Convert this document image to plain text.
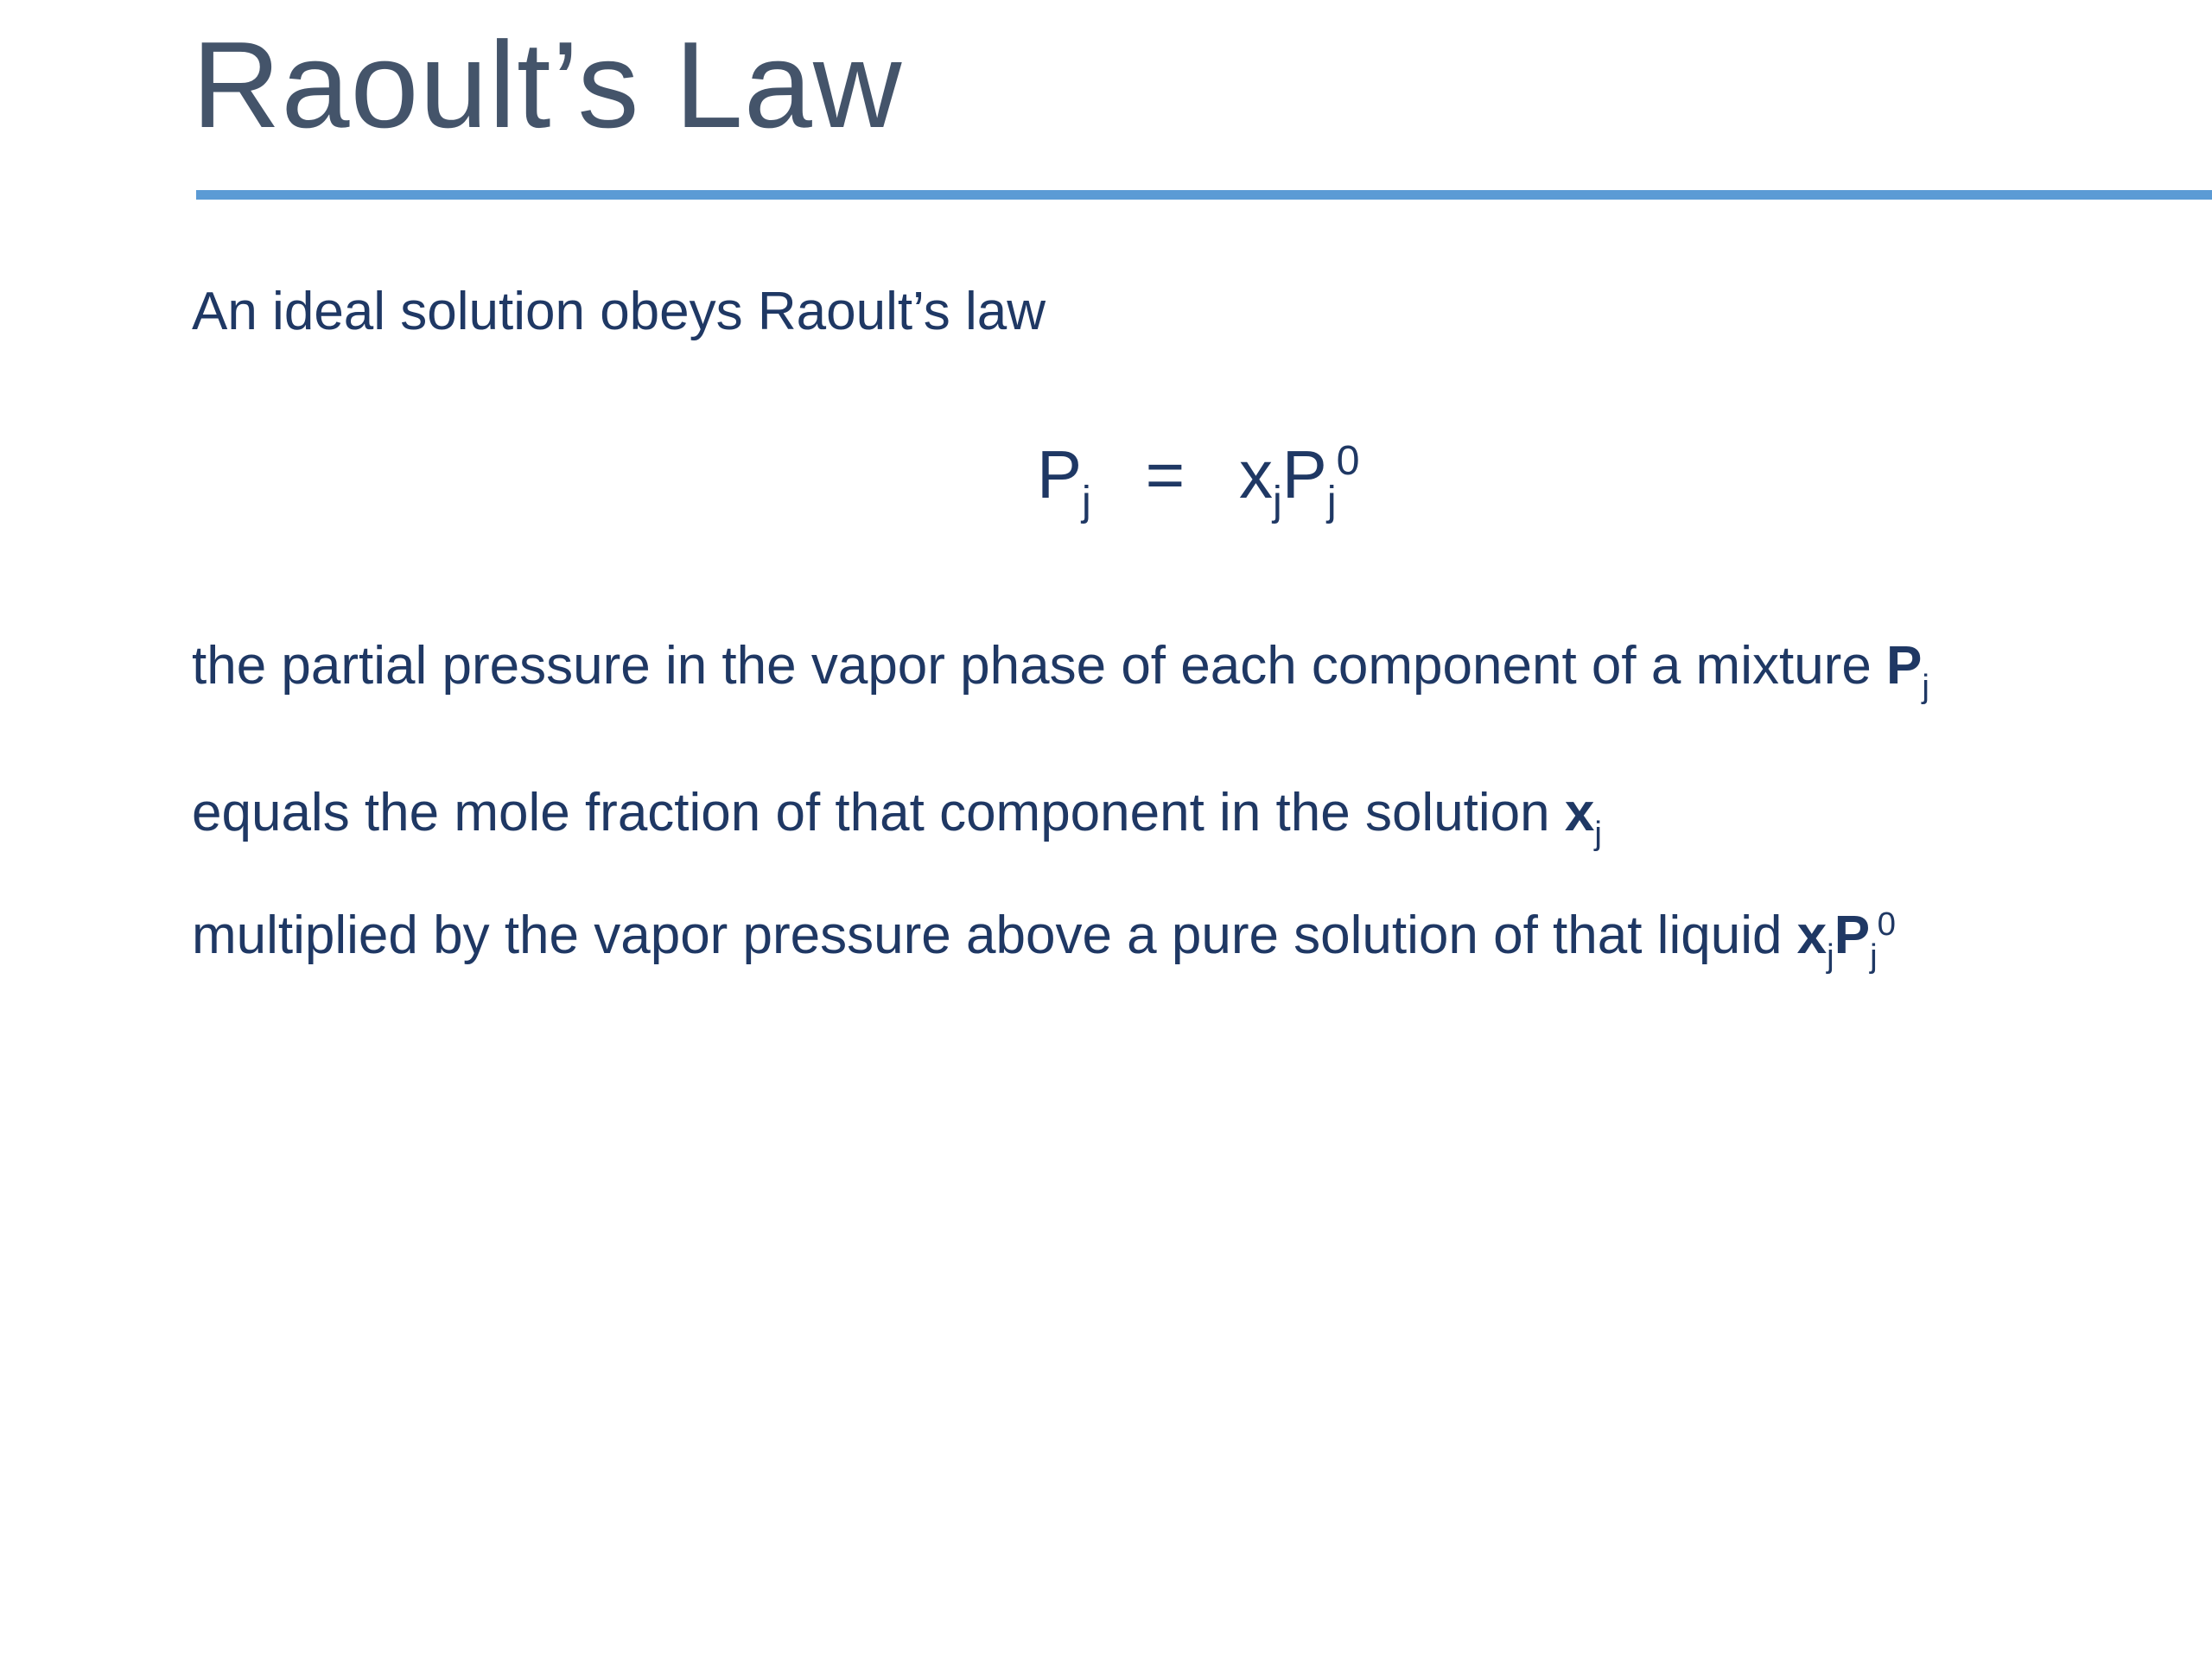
Raoult’s Law
An ideal solution obeys Raoult’s law
$P_j = x_jP_j^0$
the partial pressure in the vapor phase of each component of a mixture $P_j$
equals the mole fraction of that component in the solution $x_j$
multiplied by the vapor pressure above a pure solution of that liquid $x_jP_j^0$
